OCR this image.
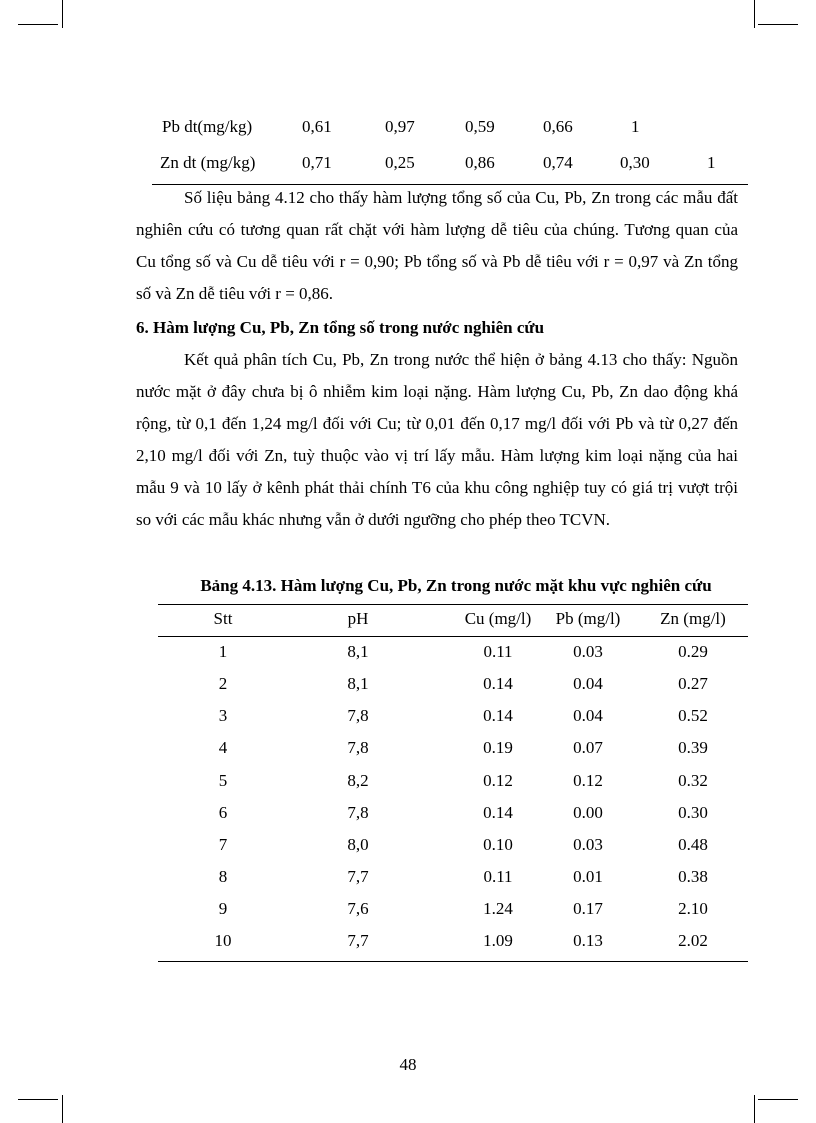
Pb dt(mg/kg)	0,61	0,97	0,59	0,66	1
Zn dt (mg/kg)	0,71	0,25	0,86	0,74	0,30	1

Số liệu bảng 4.12 cho thấy hàm lượng tổng số của Cu, Pb, Zn trong các mẫu đất nghiên cứu có tương quan rất chặt với hàm lượng dễ tiêu của chúng. Tương quan của Cu tổng số và Cu dễ tiêu với r = 0,90; Pb tổng số và Pb dễ tiêu với r = 0,97 và Zn tổng số và Zn dễ tiêu với r = 0,86.

6. Hàm lượng Cu, Pb, Zn tổng số trong nước nghiên cứu

Kết quả phân tích Cu, Pb, Zn trong nước thể hiện ở bảng 4.13 cho thấy: Nguồn nước mặt ở đây chưa bị ô nhiễm kim loại nặng. Hàm lượng Cu, Pb, Zn dao động khá rộng, từ 0,1 đến 1,24 mg/l đối với Cu; từ 0,01 đến 0,17 mg/l đối với Pb và từ 0,27 đến 2,10 mg/l đối với Zn, tuỳ thuộc vào vị trí lấy mẫu. Hàm lượng kim loại nặng của hai mẫu 9 và 10 lấy ở kênh phát thải chính T6 của khu công nghiệp tuy có giá trị vượt trội so với các mẫu khác nhưng vẫn ở dưới ngưỡng cho phép theo TCVN.

Bảng 4.13. Hàm lượng Cu, Pb, Zn trong nước mặt khu vực nghiên cứu

Stt	pH	Cu (mg/l)	Pb (mg/l)	Zn (mg/l)
1	8,1	0.11	0.03	0.29
2	8,1	0.14	0.04	0.27
3	7,8	0.14	0.04	0.52
4	7,8	0.19	0.07	0.39
5	8,2	0.12	0.12	0.32
6	7,8	0.14	0.00	0.30
7	8,0	0.10	0.03	0.48
8	7,7	0.11	0.01	0.38
9	7,6	1.24	0.17	2.10
10	7,7	1.09	0.13	2.02
48
